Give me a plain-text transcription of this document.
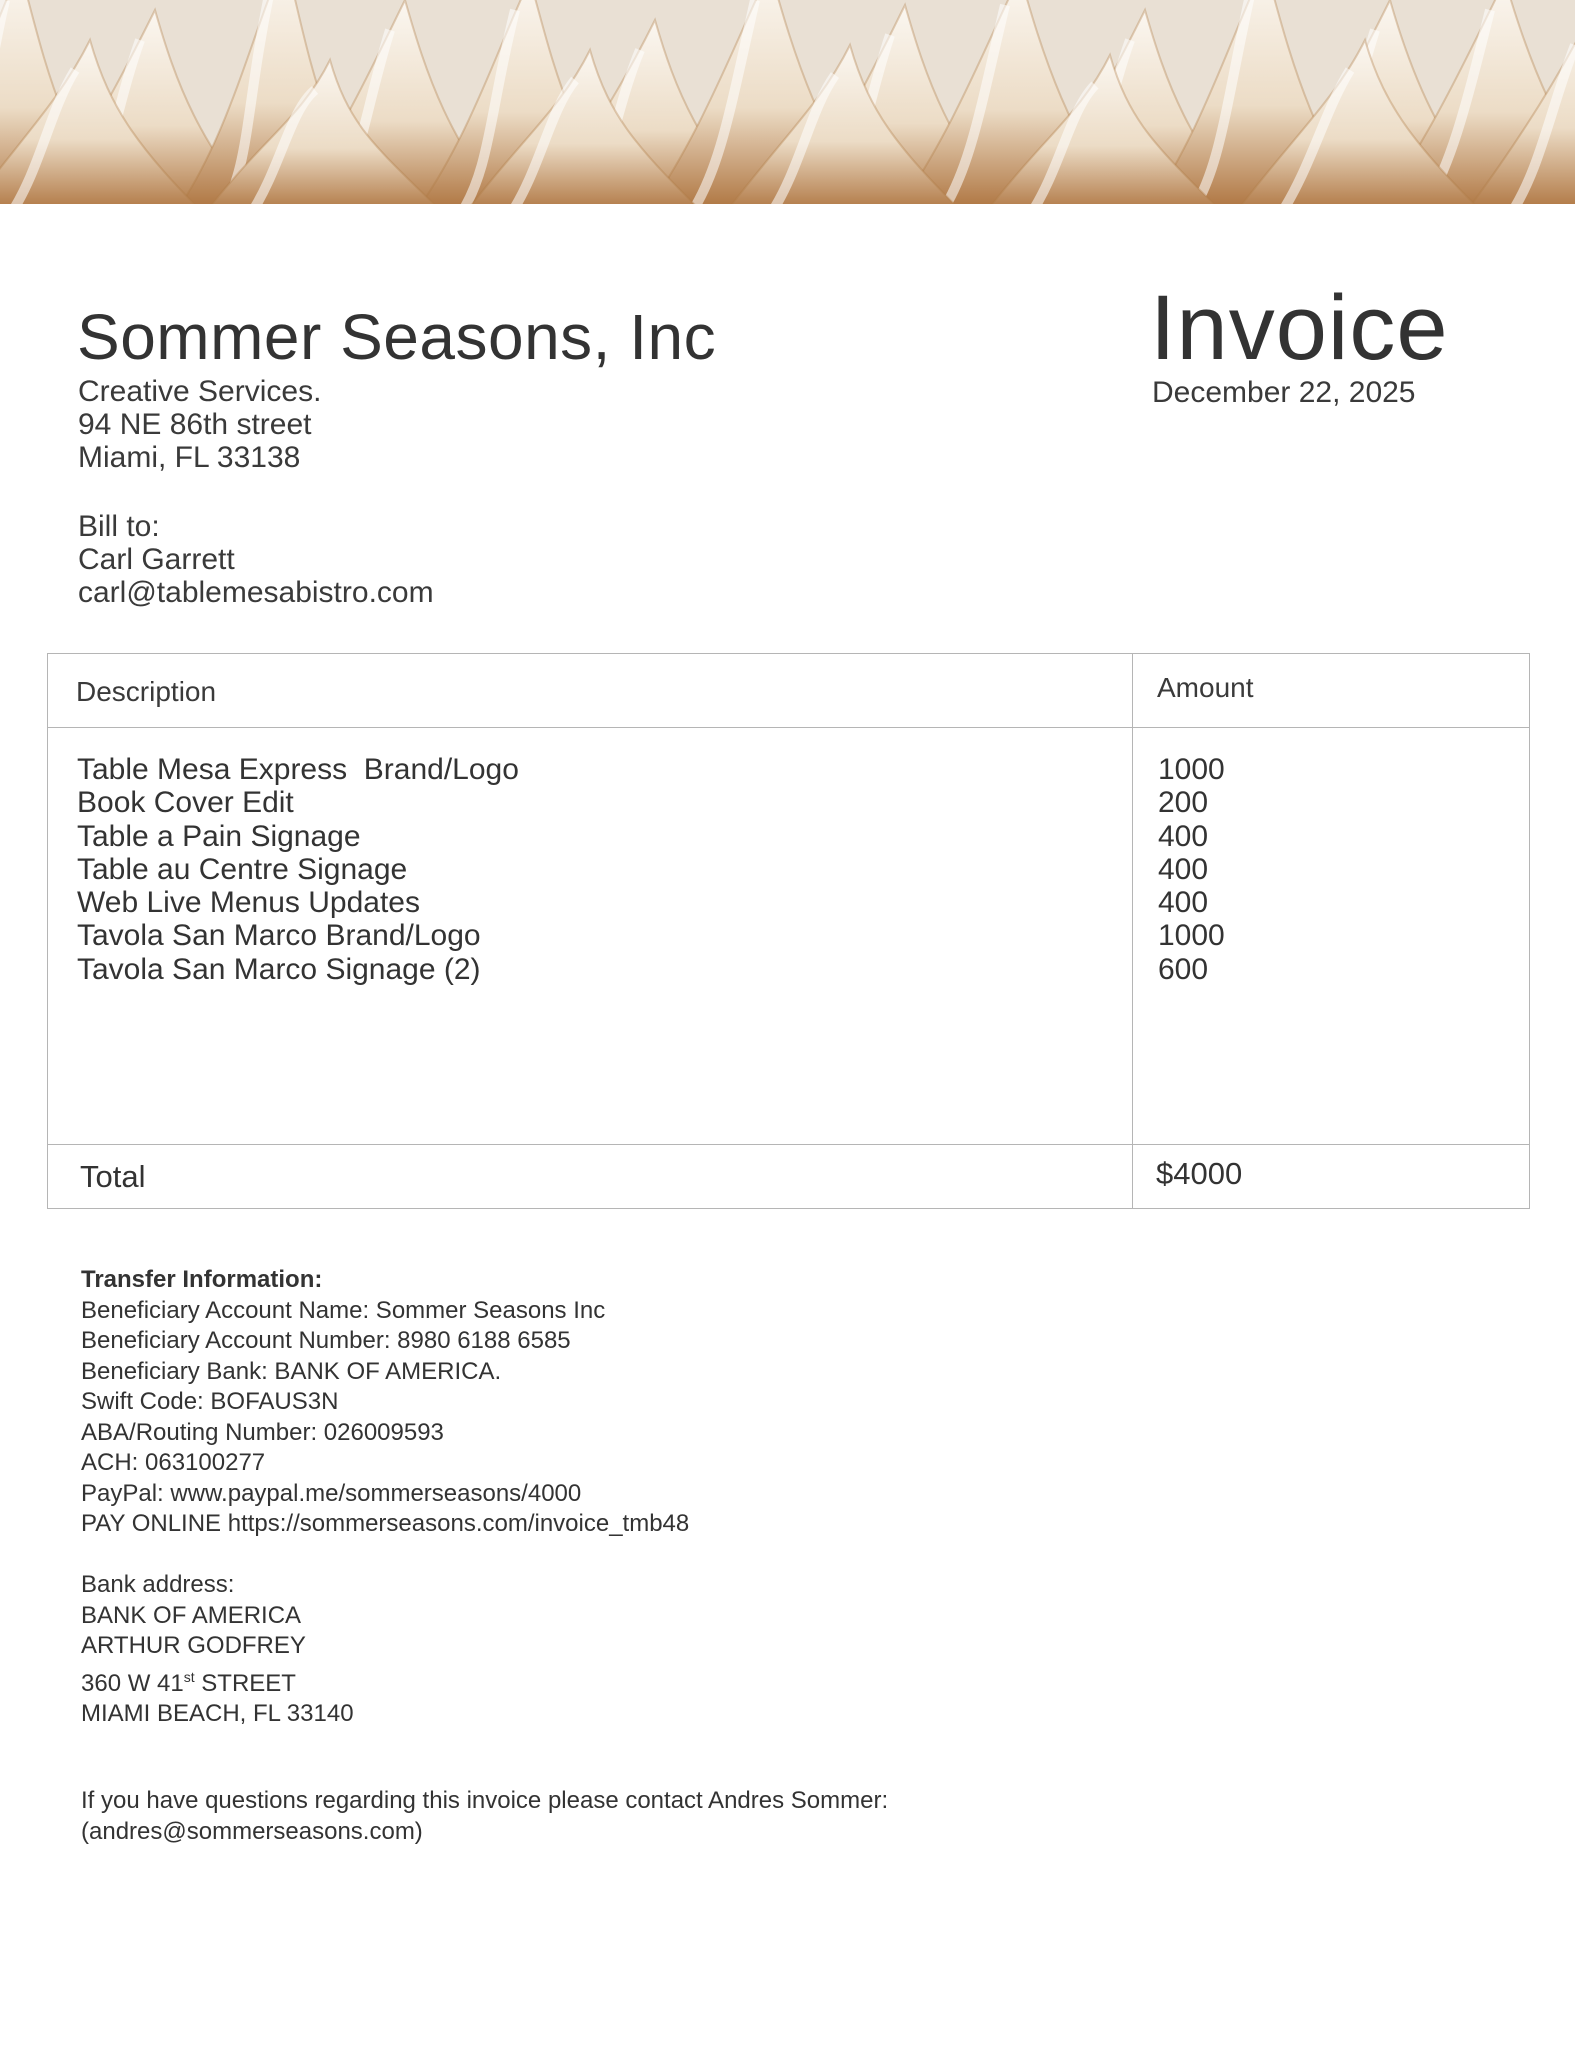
Sommer Seasons, Inc
Creative Services.
94 NE 86th street
Miami, FL 33138
Invoice
December 22, 2025
Bill to:
Carl Garrett
carl@tablemesabistro.com
Description	Amount
Table Mesa Express  Brand/Logo
Book Cover Edit
Table a Pain Signage
Table au Centre Signage
Web Live Menus Updates
Tavola San Marco Brand/Logo
Tavola San Marco Signage (2)
1000
200
400
400
400
1000
600
Total	$4000
Transfer Information:
Beneficiary Account Name: Sommer Seasons Inc
Beneficiary Account Number: 8980 6188 6585
Beneficiary Bank: BANK OF AMERICA.
Swift Code: BOFAUS3N
ABA/Routing Number: 026009593
ACH: 063100277
PayPal: www.paypal.me/sommerseasons/4000
PAY ONLINE https://sommerseasons.com/invoice_tmb48
Bank address:
BANK OF AMERICA
ARTHUR GODFREY
360 W 41st STREET
MIAMI BEACH, FL 33140
If you have questions regarding this invoice please contact Andres Sommer:
(andres@sommerseasons.com)
